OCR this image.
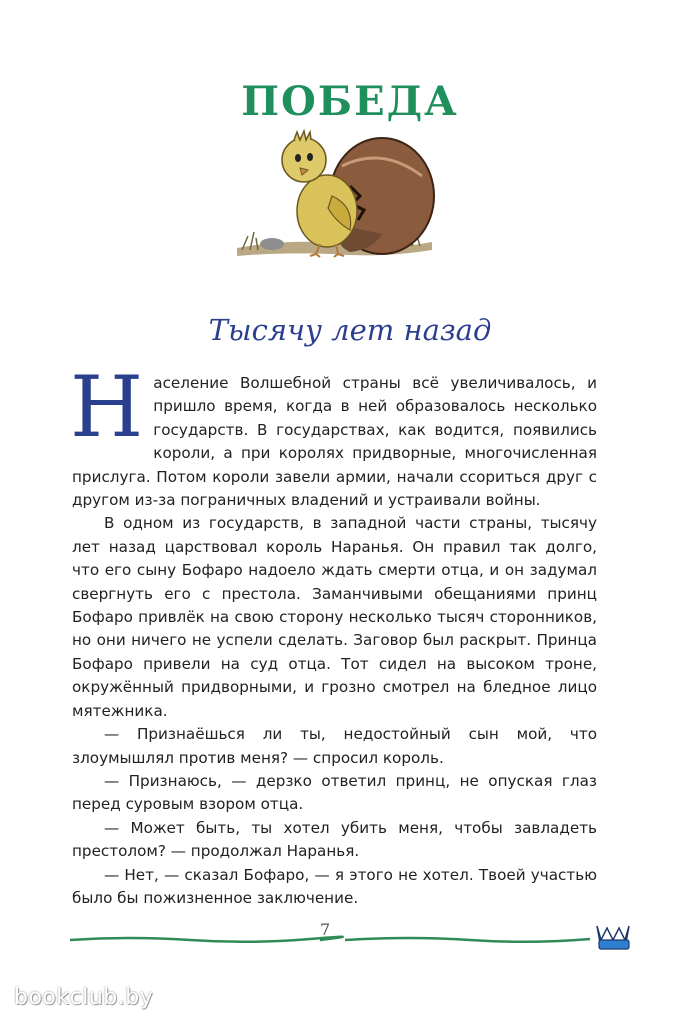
ПОБЕДА
Тысячу лет назад

Население Волшебной страны всё увеличивалось, и пришло время, когда в ней образовалось несколько государств. В государствах, как водится, появились короли, а при королях придворные, многочисленная прислуга. Потом короли завели армии, начали ссориться друг с другом из-за пограничных владений и устраивали войны.

В одном из государств, в западной части страны, тысячу лет назад царствовал король Наранья. Он правил так долго, что его сыну Бофаро надоело ждать смерти отца, и он задумал свергнуть его с престола. Заманчивыми обещаниями принц Бофаро привлёк на свою сторону несколько тысяч сторонников, но они ничего не успели сделать. Заговор был раскрыт. Принца Бофаро привели на суд отца. Тот сидел на высоком троне, окружённый придворными, и грозно смотрел на бледное лицо мятежника.

— Признаёшься ли ты, недостойный сын мой, что злоумышлял против меня? — спросил король.

— Признаюсь, — дерзко ответил принц, не опуская глаз перед суровым взором отца.

— Может быть, ты хотел убить меня, чтобы завладеть престолом? — продолжал Наранья.

— Нет, — сказал Бофаро, — я этого не хотел. Твоей участью было бы пожизненное заключение.

7
bookclub.by
